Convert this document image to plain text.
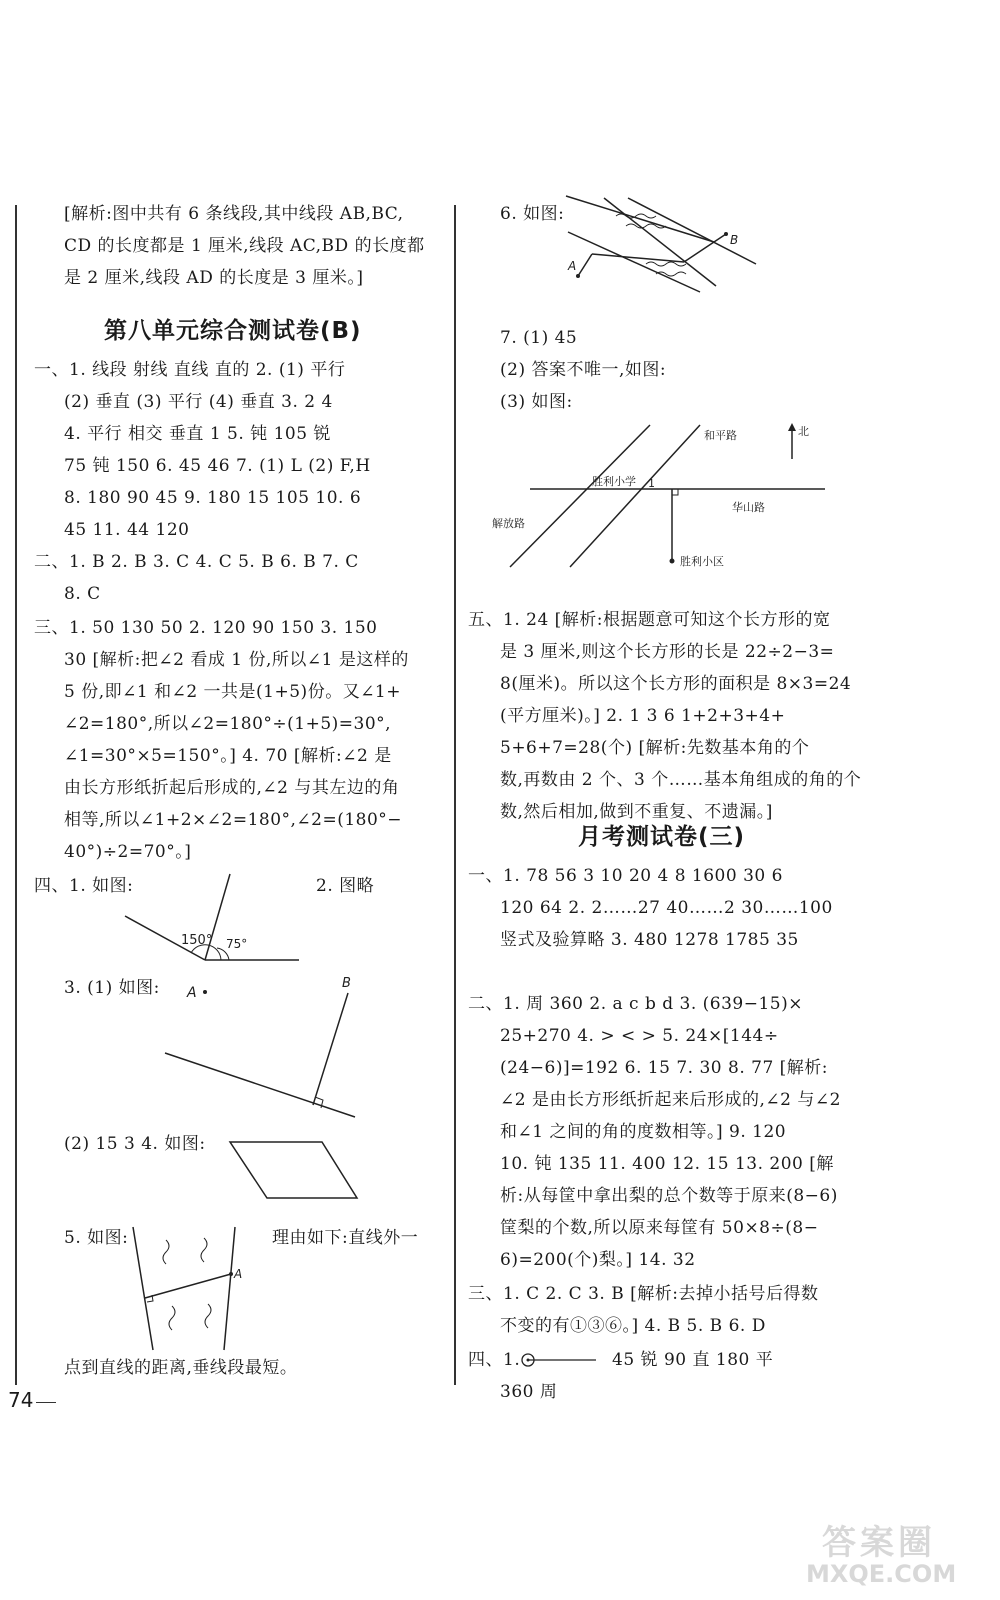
[解析:图中共有 6 条线段,其中线段 AB,BC,
CD 的长度都是 1 厘米,线段 AC,BD 的长度都
是 2 厘米,线段 AD 的长度是 3 厘米。]
第八单元综合测试卷(B)
一、1. 线段 射线 直线 直的 2. (1) 平行
(2) 垂直 (3) 平行 (4) 垂直 3. 2 4
4. 平行 相交 垂直 1 5. 钝 105 锐
75 钝 150 6. 45 46 7. (1) L (2) F,H
8. 180 90 45 9. 180 15 105 10. 6
45 11. 44 120
二、1. B 2. B 3. C 4. C 5. B 6. B 7. C
8. C
三、1. 50 130 50 2. 120 90 150 3. 150
30 [解析:把∠2 看成 1 份,所以∠1 是这样的
5 份,即∠1 和∠2 一共是(1+5)份。又∠1+
∠2=180°,所以∠2=180°÷(1+5)=30°,
∠1=30°×5=150°。] 4. 70 [解析:∠2 是
由长方形纸折起后形成的,∠2 与其左边的角
相等,所以∠1+2×∠2=180°,∠2=(180°−
40°)÷2=70°。]
四、1. 如图:	2. 图略
150° 75°
3. (1) 如图: A
B
(2) 15 3 4. 如图:
5. 如图:	理由如下:直线外一
A
点到直线的距离,垂线段最短。
6. 如图:
A
B
7. (1) 45
(2) 答案不唯一,如图:
(3) 如图:
和平路	北
胜利小学 1
华山路
解放路
胜利小区
五、1. 24 [解析:根据题意可知这个长方形的宽
是 3 厘米,则这个长方形的长是 22÷2−3=
8(厘米)。所以这个长方形的面积是 8×3=24
(平方厘米)。] 2. 1 3 6 1+2+3+4+
5+6+7=28(个) [解析:先数基本角的个
数,再数由 2 个、3 个……基本角组成的角的个
数,然后相加,做到不重复、不遗漏。]
月考测试卷(三)
一、1. 78 56 3 10 20 4 8 1600 30 6
120 64 2. 2……27 40……2 30……100
竖式及验算略 3. 480 1278 1785 35
二、1. 周 360 2. a c b d 3. (639−15)×
25+270 4. > < > 5. 24×[144÷
(24−6)]=192 6. 15 7. 30 8. 77 [解析:
∠2 是由长方形纸折起来后形成的,∠2 与∠2
和∠1 之间的角的度数相等。] 9. 120
10. 钝 135 11. 400 12. 15 13. 200 [解
析:从每筐中拿出梨的总个数等于原来(8−6)
筐梨的个数,所以原来每筐有 50×8÷(8−
6)=200(个)梨。] 14. 32
三、1. C 2. C 3. B [解析:去掉小括号后得数
不变的有①③⑥。] 4. B 5. B 6. D
四、1.	45 锐 90 直 180 平
360 周
74
答案圈
MXQE.COM
